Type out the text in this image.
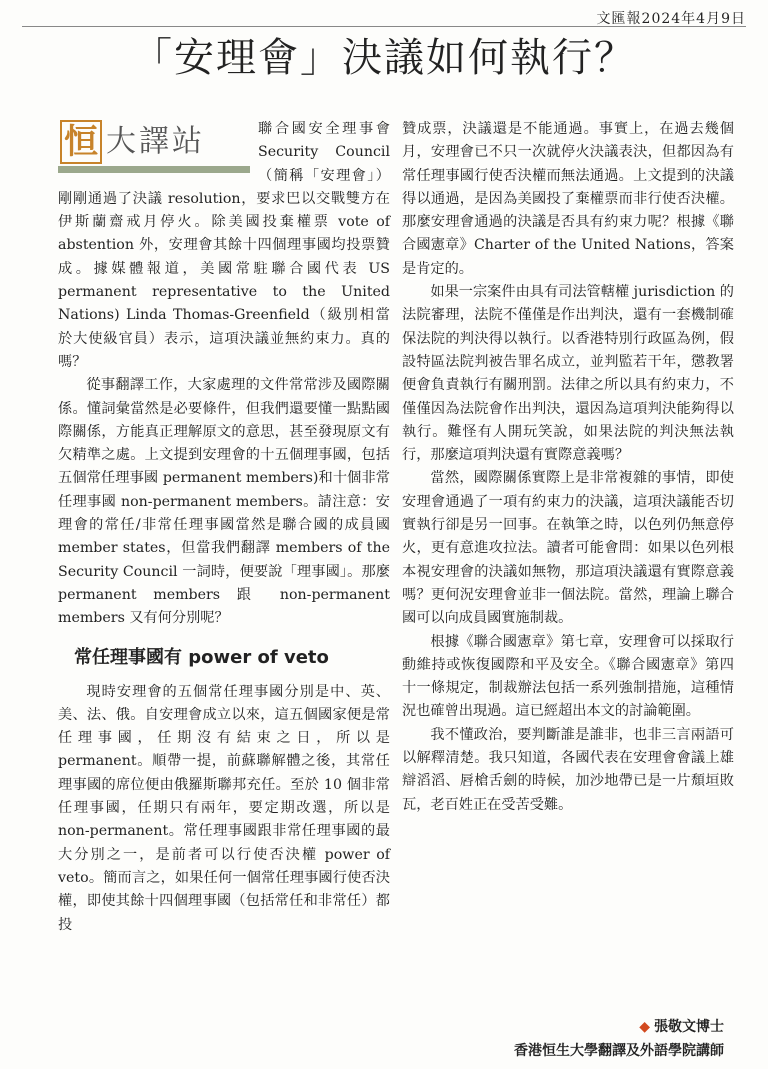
文匯報2024年4月9日
「安理會」決議如何執行？
恒 大譯站	聯合國安全理事會 Security Council（簡稱「安理會」）剛剛通過了決議 resolution，要求巴以交戰雙方在伊斯蘭齋戒月停火。除美國投棄權票 vote of abstention 外，安理會其餘十四個理事國均投票贊成。據媒體報道，美國常駐聯合國代表 US permanent representative to the United Nations) Linda Thomas-Greenfield（級別相當於大使級官員）表示，這項決議並無約束力。真的嗎？

從事翻譯工作，大家處理的文件常常涉及國際關係。懂詞彙當然是必要條件，但我們還要懂一點點國際關係，方能真正理解原文的意思，甚至發現原文有欠精準之處。上文提到安理會的十五個理事國，包括五個常任理事國 permanent members)和十個非常任理事國 non-permanent members。請注意：安理會的常任/非常任理事國當然是聯合國的成員國 member states，但當我們翻譯 members of the Security Council 一詞時，便要說「理事國」。那麼 permanent members 跟 non-permanent members 又有何分別呢？

常任理事國有 power of veto

現時安理會的五個常任理事國分別是中、英、美、法、俄。自安理會成立以來，這五個國家便是常任理事國，任期沒有結束之日，所以是 permanent。順帶一提，前蘇聯解體之後，其常任理事國的席位便由俄羅斯聯邦充任。至於 10 個非常任理事國，任期只有兩年，要定期改選，所以是 non-permanent。常任理事國跟非常任理事國的最大分別之一，是前者可以行使否決權 power of veto。簡而言之，如果任何一個常任理事國行使否決權，即使其餘十四個理事國（包括常任和非常任）都投

贊成票，決議還是不能通過。事實上，在過去幾個月，安理會已不只一次就停火決議表決，但都因為有常任理事國行使否決權而無法通過。上文提到的決議得以通過，是因為美國投了棄權票而非行使否決權。那麼安理會通過的決議是否具有約束力呢？根據《聯合國憲章》Charter of the United Nations，答案是肯定的。

如果一宗案件由具有司法管轄權 jurisdiction 的法院審理，法院不僅僅是作出判決，還有一套機制確保法院的判決得以執行。以香港特別行政區為例，假設特區法院判被告罪名成立，並判監若干年，懲教署便會負責執行有關刑罰。法律之所以具有約束力，不僅僅因為法院會作出判決，還因為這項判決能夠得以執行。難怪有人開玩笑說，如果法院的判決無法執行，那麼這項判決還有實際意義嗎？

當然，國際關係實際上是非常複雜的事情，即使安理會通過了一項有約束力的決議，這項決議能否切實執行卻是另一回事。在執筆之時，以色列仍無意停火，更有意進攻拉法。讀者可能會問：如果以色列根本視安理會的決議如無物，那這項決議還有實際意義嗎？更何況安理會並非一個法院。當然，理論上聯合國可以向成員國實施制裁。

根據《聯合國憲章》第七章，安理會可以採取行動維持或恢復國際和平及安全。《聯合國憲章》第四十一條規定，制裁辦法包括一系列強制措施，這種情況也確曾出現過。這已經超出本文的討論範圍。

我不懂政治，要判斷誰是誰非，也非三言兩語可以解釋清楚。我只知道，各國代表在安理會會議上雄辯滔滔、唇槍舌劍的時候，加沙地帶已是一片頹垣敗瓦，老百姓正在受苦受難。

◆ 張敬文博士
香港恒生大學翻譯及外語學院講師
